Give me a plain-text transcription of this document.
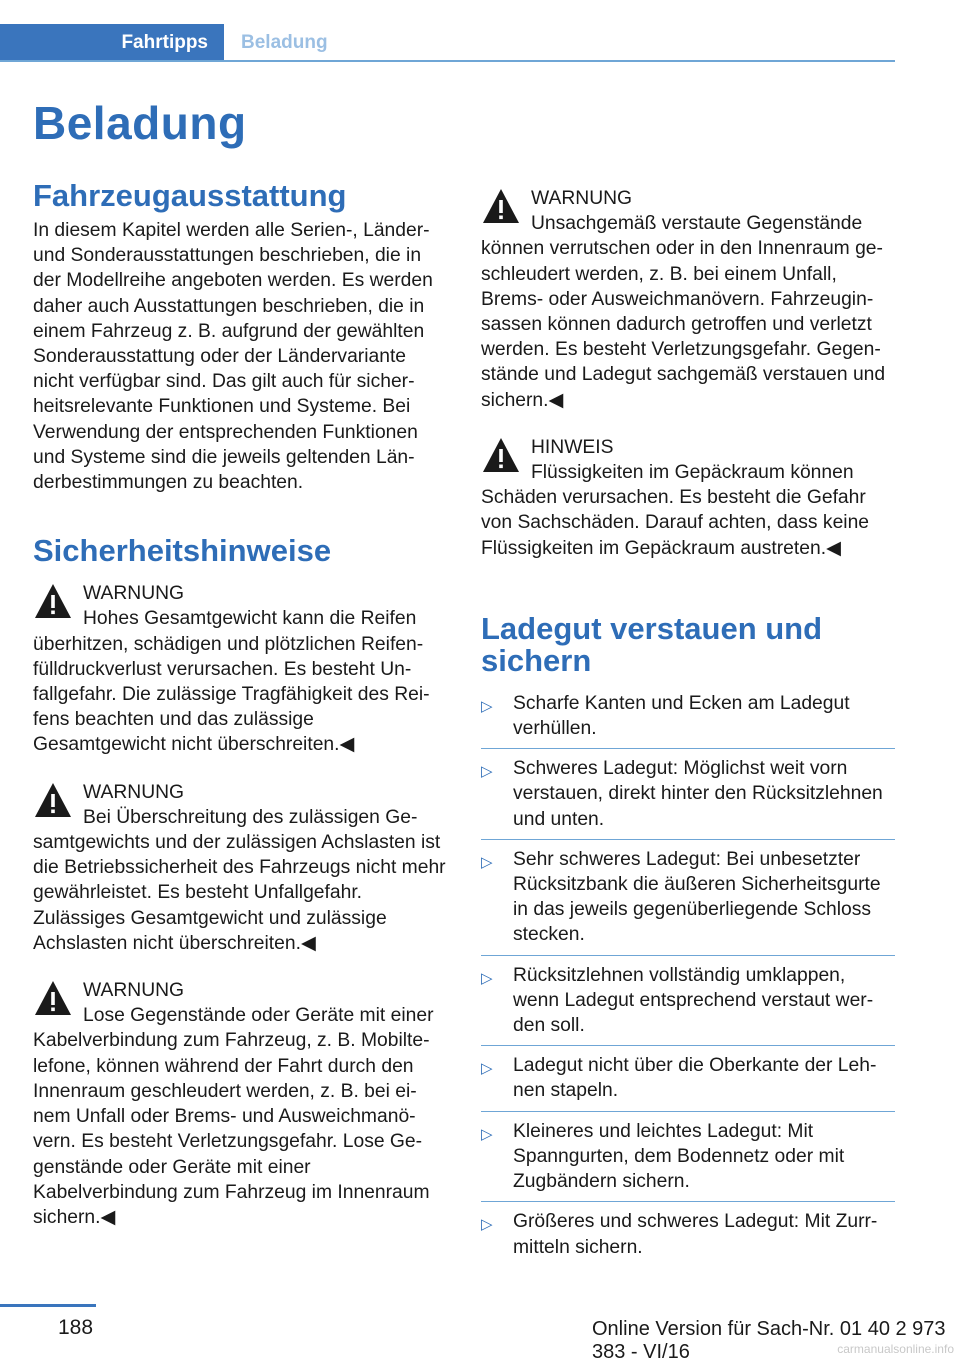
Fahrtipps	Beladung
Beladung
Fahrzeugausstattung

In diesem Kapitel werden alle Serien-, Länder- und Sonderausstattungen beschrieben, die in der Modellreihe angeboten werden. Es werden daher auch Ausstattungen beschrieben, die in einem Fahrzeug z. B. aufgrund der gewählten Sonderausstattung oder der Ländervariante nicht verfügbar sind. Das gilt auch für sicherheitsrelevante Funktionen und Systeme. Bei Verwendung der entsprechenden Funktionen und Systeme sind die jeweils geltenden Länderbestimmungen zu beachten.

Sicherheitshinweise
WARNUNG
Hohes Gesamtgewicht kann die Reifen überhitzen, schädigen und plötzlichen Reifenfülldruckverlust verursachen. Es besteht Unfallgefahr. Die zulässige Tragfähigkeit des Reifens beachten und das zulässige Gesamtgewicht nicht überschreiten.◀
WARNUNG
Bei Überschreitung des zulässigen Gesamtgewichts und der zulässigen Achslasten ist die Betriebssicherheit des Fahrzeugs nicht mehr gewährleistet. Es besteht Unfallgefahr. Zulässiges Gesamtgewicht und zulässige Achslasten nicht überschreiten.◀
WARNUNG
Lose Gegenstände oder Geräte mit einer Kabelverbindung zum Fahrzeug, z. B. Mobiltelefone, können während der Fahrt durch den Innenraum geschleudert werden, z. B. bei einem Unfall oder Brems- und Ausweichmanövern. Es besteht Verletzungsgefahr. Lose Gegenstände oder Geräte mit einer Kabelverbindung zum Fahrzeug im Innenraum sichern.◀
WARNUNG
Unsachgemäß verstaute Gegenstände können verrutschen oder in den Innenraum geschleudert werden, z. B. bei einem Unfall, Brems- oder Ausweichmanövern. Fahrzeuginsassen können dadurch getroffen und verletzt werden. Es besteht Verletzungsgefahr. Gegenstände und Ladegut sachgemäß verstauen und sichern.◀
HINWEIS
Flüssigkeiten im Gepäckraum können Schäden verursachen. Es besteht die Gefahr von Sachschäden. Darauf achten, dass keine Flüssigkeiten im Gepäckraum austreten.◀
Ladegut verstauen und sichern
▷ Scharfe Kanten und Ecken am Ladegut verhüllen.
▷ Schweres Ladegut: Möglichst weit vorn verstauen, direkt hinter den Rücksitzlehnen und unten.
▷ Sehr schweres Ladegut: Bei unbesetzter Rücksitzbank die äußeren Sicherheitsgurte in das jeweils gegenüberliegende Schloss stecken.
▷ Rücksitzlehnen vollständig umklappen, wenn Ladegut entsprechend verstaut werden soll.
▷ Ladegut nicht über die Oberkante der Lehnen stapeln.
▷ Kleineres und leichtes Ladegut: Mit Spanngurten, dem Bodennetz oder mit Zugbändern sichern.
▷ Größeres und schweres Ladegut: Mit Zurrmitteln sichern.
188	Online Version für Sach-Nr. 01 40 2 973 383 - VI/16	carmanualsonline.info
